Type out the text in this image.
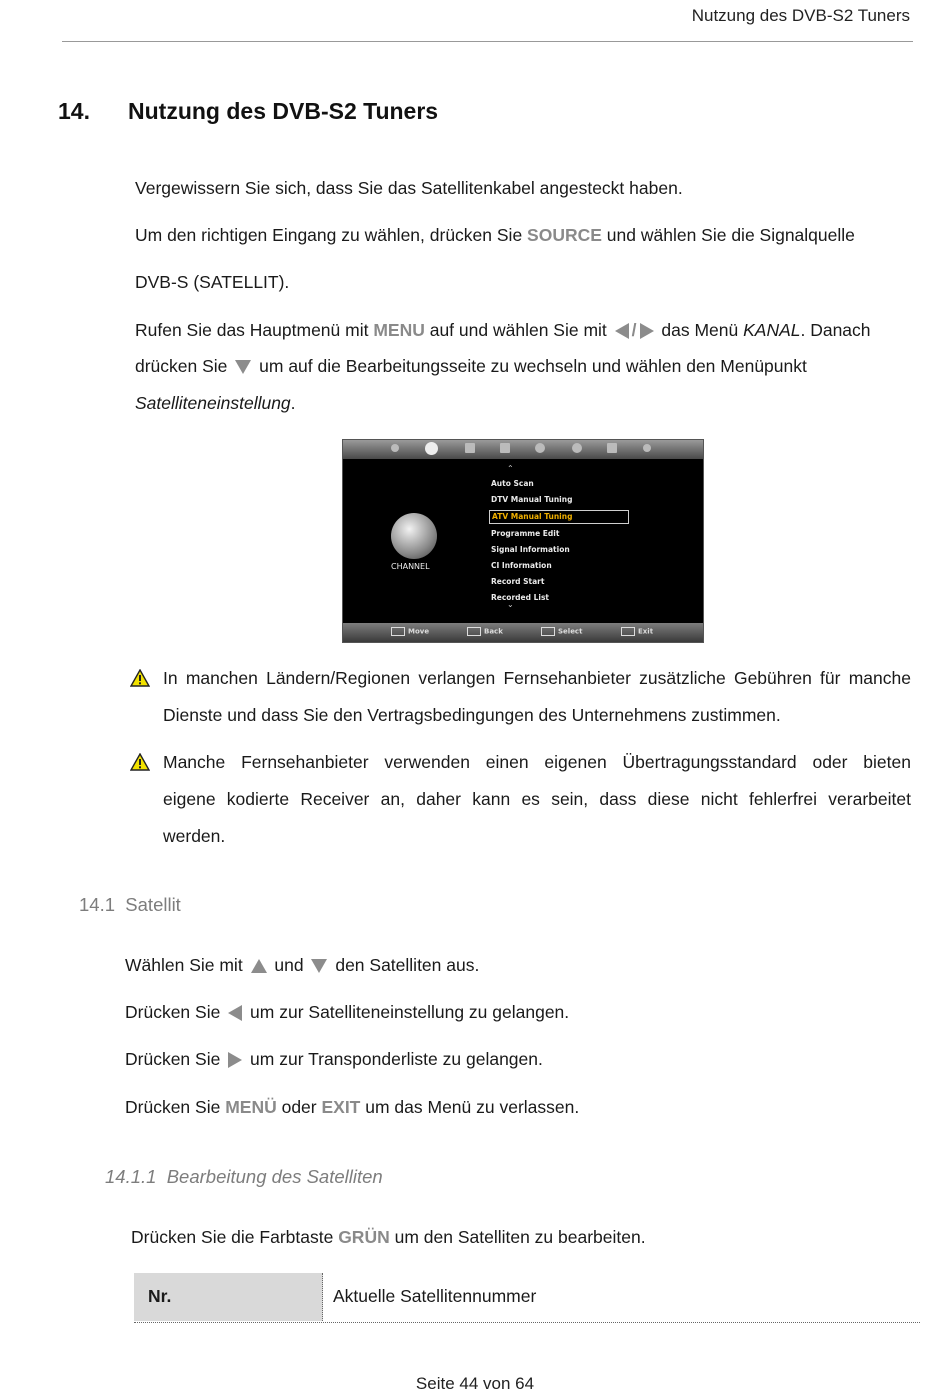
Nutzung des DVB-S2 Tuners
14. Nutzung des DVB-S2 Tuners
Vergewissern Sie sich, dass Sie das Satellitenkabel angesteckt haben.
Um den richtigen Eingang zu wählen, drücken Sie SOURCE und wählen Sie die Signalquelle
DVB-S (SATELLIT).
Rufen Sie das Hauptmenü mit MENU auf und wählen Sie mit / das Menü KANAL. Danach
drücken Sie  um auf die Bearbeitungsseite zu wechseln und wählen den Menüpunkt
Satelliteneinstellung.
CHANNEL
⌃
Auto Scan
DTV Manual Tuning
ATV Manual Tuning
Programme Edit
Signal Information
CI Information
Record Start
Recorded List
⌄
Move	Back	Select	Exit
In manchen Ländern/Regionen verlangen Fernsehanbieter zusätzliche Gebühren für manche
Dienste und dass Sie den Vertragsbedingungen des Unternehmens zustimmen.
Manche Fernsehanbieter verwenden einen eigenen Übertragungsstandard oder bieten
eigene kodierte Receiver an, daher kann es sein, dass diese nicht fehlerfrei verarbeitet
werden.
14.1 Satellit
Wählen Sie mit  und  den Satelliten aus.
Drücken Sie  um zur Satelliteneinstellung zu gelangen.
Drücken Sie  um zur Transponderliste zu gelangen.
Drücken Sie MENÜ oder EXIT um das Menü zu verlassen.
14.1.1 Bearbeitung des Satelliten
Drücken Sie die Farbtaste GRÜN um den Satelliten zu bearbeiten.
Nr.	Aktuelle Satellitennummer
Seite 44 von 64
